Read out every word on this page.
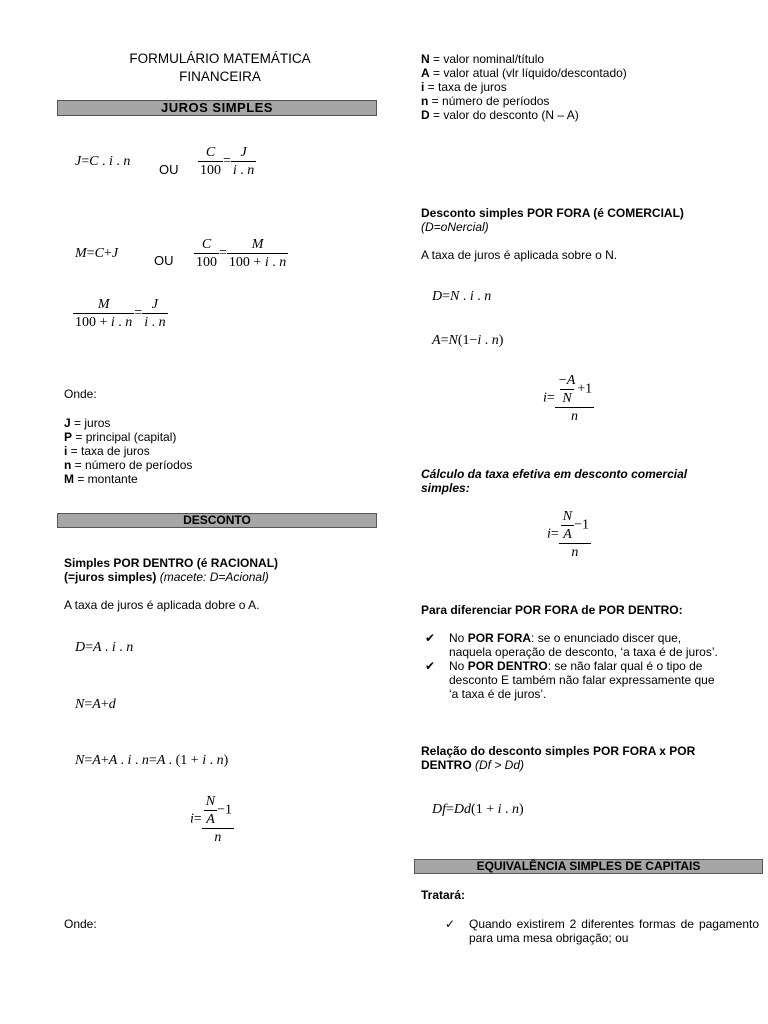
FORMULÁRIO MATEMÁTICA
FINANCEIRA
JUROS SIMPLES
J=C . i . n
OU $\frac{C}{100} = \frac{J}{i . n}$
M=C+J	OU $\frac{C}{100} = \frac{M}{100 + i . n}$
$\frac{M}{100 + i . n} = \frac{J}{i . n}$
Onde:
J = juros
P = principal (capital)
i = taxa de juros
n = número de períodos
M = montante
DESCONTO
Simples POR DENTRO (é RACIONAL)
(=juros simples) (macete: D=Acional)
A taxa de juros é aplicada dobre o A.
D=A . i . n
N=A+d
N=A+A . i . n=A . (1 + i . n)
$i= \frac{\frac{N}{A} -1}{n}$
Onde:
N = valor nominal/título
A = valor atual (vlr líquido/descontado)
i = taxa de juros
n = número de períodos
D = valor do desconto (N – A)
Desconto simples POR FORA (é COMERCIAL)
(D=oNercial)
A taxa de juros é aplicada sobre o N.
D=N . i . n
A=N(1−i . n)
$i= \frac{\frac{-A}{N} +1}{n}$
Cálculo da taxa efetiva em desconto comercial simples:
$i= \frac{\frac{N}{A} -1}{n}$
Para diferenciar POR FORA de POR DENTRO:
✔ No POR FORA: se o enunciado discer que, naquela operação de desconto, ‘a taxa é de juros’.
✔ No POR DENTRO: se não falar qual é o tipo de desconto E também não falar expressamente que ‘a taxa é de juros’.
Relação do desconto simples POR FORA x POR DENTRO (Df > Dd)
Df=Dd(1 + i . n)
EQUIVALÊNCIA SIMPLES DE CAPITAIS
Tratará:
✓ Quando existirem 2 diferentes formas de pagamento para uma mesa obrigação; ou
